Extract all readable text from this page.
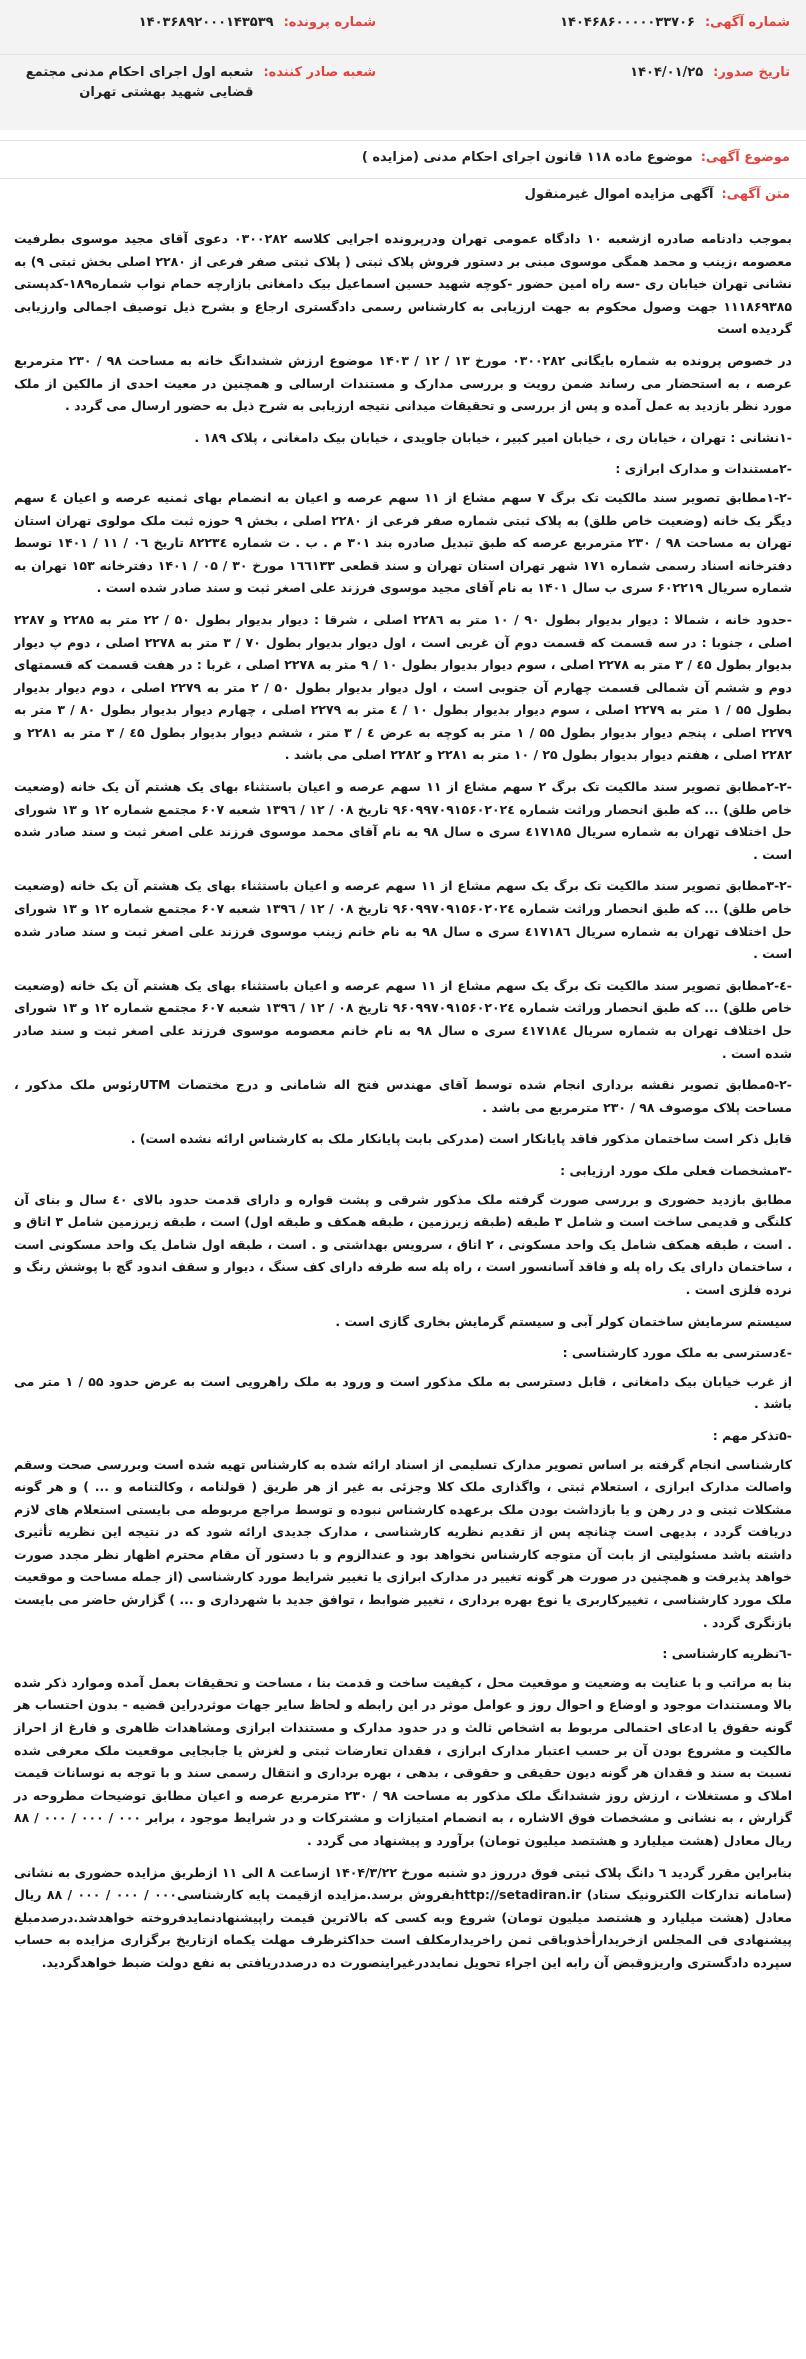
شماره آگهی:
۱۴۰۴۶۸۶۰۰۰۰۰۳۳۷۰۶
شماره پرونده:
۱۴۰۳۶۸۹۲۰۰۰۱۴۳۵۳۹
تاریخ صدور:
۱۴۰۴/۰۱/۲۵
شعبه صادر کننده:
شعبه اول اجرای احکام مدنی مجتمع قضایی شهید بهشتی تهران
موضوع آگهی:
موضوع ماده ۱۱۸ قانون اجرای احکام مدنی (مزایده )
متن آگهی:
آگهی مزایده اموال غیرمنقول

بموجب دادنامه صادره ازشعبه ۱۰ دادگاه عمومی تهران ودرپرونده اجرایی کلاسه ۰۳۰۰۲۸۲ دعوی آقای مجید موسوی بطرفیت معصومه ،زینب و محمد همگی موسوی مبنی بر دستور فروش پلاک ثبتی ( پلاک ثبتی صفر فرعی از ۲۲۸۰ اصلی بخش ثبتی ۹) به نشانی تهران خیابان ری -سه راه امین حضور -کوچه شهید حسین اسماعیل بیک دامغانی بازارچه حمام نواب شماره۱۸۹-کدپستی ۱۱۱۸۶۹۳۸۵ جهت وصول محکوم به جهت ارزیابی به کارشناس رسمی دادگستری ارجاع و بشرح ذیل توصیف اجمالی وارزیابی گردیده است

در خصوص پرونده به شماره بایگانی ۰۳۰۰۲۸۲ مورخ ۱۳ / ۱۲ / ۱۴۰۳ موضوع ارزش ششدانگ خانه به مساحت ۹۸ / ۲۳۰ مترمربع عرصه ، به استحضار می رساند ضمن رویت و بررسی مدارک و مستندات ارسالی و همچنین در معیت احدی از مالکین از ملک مورد نظر بازدید به عمل آمده و پس از بررسی و تحقیقات میدانی نتیجه ارزیابی به شرح ذیل به حضور ارسال می گردد .

-۱نشانی : تهران ، خیابان ری ، خیابان امیر کبیر ، خیابان جاویدی ، خیابان بیک دامغانی ، پلاک ۱۸۹ .

-۲مستندات و مدارک ابرازی :

-۱-۲مطابق تصویر سند مالکیت تک برگ ۷ سهم مشاع از ۱۱ سهم عرصه و اعیان به انضمام بهای ثمنیه عرصه و اعیان ٤ سهم دیگر یک خانه (وضعیت خاص طلق) به پلاک ثبتی شماره صفر فرعی از ۲۲۸۰ اصلی ، بخش ۹ حوزه ثبت ملک مولوی تهران استان تهران به مساحت ۹۸ / ۲۳۰ مترمربع عرصه که طبق تبدیل صادره بند ۳۰۱ م . ب . ت شماره ۸۲۲۳٤ تاریخ ۰٦ / ۱۱ / ۱۴۰۱ توسط دفترخانه اسناد رسمی شماره ۱۷۱ شهر تهران استان تهران و سند قطعی ۱٦٦۱۳۳ مورخ ۳۰ / ۰۵ / ۱۴۰۱ دفترخانه ۱۵۳ تهران به شماره سریال ۶۰۲۲۱۹ سری ب سال ۱۴۰۱ به نام آقای مجید موسوی فرزند علی اصغر ثبت و سند صادر شده است .

-حدود خانه ، شمالا : دیوار بدیوار بطول ۹۰ / ۱۰ متر به ۲۲۸٦ اصلی ، شرقا : دیوار بدیوار بطول ۵۰ / ۲۲ متر به ۲۲۸۵ و ۲۲۸۷ اصلی ، جنوبا : در سه قسمت که قسمت دوم آن غربی است ، اول دیوار بدیوار بطول ۷۰ / ۳ متر به ۲۲۷۸ اصلی ، دوم پ دیوار بدیوار بطول ٤۵ / ۳ متر به ۲۲۷۸ اصلی ، سوم دیوار بدیوار بطول ۱۰ / ۹ متر به ۲۲۷۸ اصلی ، غربا : در هفت قسمت که قسمتهای دوم و ششم آن شمالی قسمت چهارم آن جنوبی است ، اول دیوار بدیوار بطول ۵۰ / ۲ متر به ۲۲۷۹ اصلی ، دوم دیوار بدیوار بطول ۵۵ / ۱ متر به ۲۲۷۹ اصلی ، سوم دیوار بدیوار بطول ۱۰ / ٤ متر به ۲۲۷۹ اصلی ، چهارم دیوار بدیوار بطول ۸۰ / ۳ متر به ۲۲۷۹ اصلی ، پنجم دیوار بدیوار بطول ۵۵ / ۱ متر به کوچه به عرض ٤ / ۳ متر ، ششم دیوار بدیوار بطول ٤۵ / ۳ متر به ۲۲۸۱ و ۲۲۸۲ اصلی ، هفتم دیوار بدیوار بطول ۲۵ / ۱۰ متر به ۲۲۸۱ و ۲۲۸۲ اصلی می باشد .

-۲-۲مطابق تصویر سند مالکیت تک برگ ۲ سهم مشاع از ۱۱ سهم عرصه و اعیان باستثناء بهای یک هشتم آن یک خانه (وضعیت خاص طلق) ... که طبق انحصار وراثت شماره ۹۶۰۹۹۷۰۹۱۵۶۰۲۰۲٤ تاریخ ۰۸ / ۱۲ / ۱۳۹٦ شعبه ۶۰۷ مجتمع شماره ۱۲ و ۱۳ شورای حل اختلاف تهران به شماره سریال ٤۱۷۱۸۵ سری ه سال ۹۸ به نام آقای محمد موسوی فرزند علی اصغر ثبت و سند صادر شده است .

-۳-۲مطابق تصویر سند مالکیت تک برگ یک سهم مشاع از ۱۱ سهم عرصه و اعیان باستثناء بهای یک هشتم آن یک خانه (وضعیت خاص طلق) ... که طبق انحصار وراثت شماره ۹۶۰۹۹۷۰۹۱۵۶۰۲۰۲٤ تاریخ ۰۸ / ۱۲ / ۱۳۹٦ شعبه ۶۰۷ مجتمع شماره ۱۲ و ۱۳ شورای حل اختلاف تهران به شماره سریال ٤۱۷۱۸٦ سری ه سال ۹۸ به نام خانم زینب موسوی فرزند علی اصغر ثبت و سند صادر شده است .

-٤-۲مطابق تصویر سند مالکیت تک برگ یک سهم مشاع از ۱۱ سهم عرصه و اعیان باستثناء بهای یک هشتم آن یک خانه (وضعیت خاص طلق) ... که طبق انحصار وراثت شماره ۹۶۰۹۹۷۰۹۱۵۶۰۲۰۲٤ تاریخ ۰۸ / ۱۲ / ۱۳۹٦ شعبه ۶۰۷ مجتمع شماره ۱۲ و ۱۳ شورای حل اختلاف تهران به شماره سریال ٤۱۷۱۸٤ سری ه سال ۹۸ به نام خانم معصومه موسوی فرزند علی اصغر ثبت و سند صادر شده است .

-۵-۲مطابق تصویر نقشه برداری انجام شده توسط آقای مهندس فتح اله شامانی و درج مختصات UTMرئوس ملک مذکور ، مساحت پلاک موصوف ۹۸ / ۲۳۰ مترمربع می باشد .

قابل ذکر است ساختمان مذکور فاقد پایانکار است (مدرکی بابت پایانکار ملک به کارشناس ارائه نشده است) .

-۳مشخصات فعلی ملک مورد ارزیابی :

مطابق بازدید حضوری و بررسی صورت گرفته ملک مذکور شرقی و پشت قواره و دارای قدمت حدود بالای ٤۰ سال و بنای آن کلنگی و قدیمی ساخت است و شامل ۳ طبقه (طبقه زیرزمین ، طبقه همکف و طبقه اول) است ، طبقه زیرزمین شامل ۳ اتاق و . است ، طبقه همکف شامل یک واحد مسکونی ، ۲ اتاق ، سرویس بهداشتی و . است ، طبقه اول شامل یک واحد مسکونی است ، ساختمان دارای یک راه پله و فاقد آسانسور است ، راه پله سه طرفه دارای کف سنگ ، دیوار و سقف اندود گچ با پوشش رنگ و نرده فلزی است .

سیستم سرمایش ساختمان کولر آبی و سیستم گرمایش بخاری گازی است .

-٤دسترسی به ملک مورد کارشناسی :

از غرب خیابان بیک دامغانی ، قابل دسترسی به ملک مذکور است و ورود به ملک راهرویی است به عرض حدود ۵۵ / ۱ متر می باشد .

-۵تذکر مهم :

کارشناسی انجام گرفته بر اساس تصویر مدارک تسلیمی از اسناد ارائه شده به کارشناس تهیه شده است وبررسی صحت وسقم واصالت مدارک ابرازی ، استعلام ثبتی ، واگذاری ملک کلا وجزئی به غیر از هر طریق ( قولنامه ، وکالتنامه و ... ) و هر گونه مشکلات ثبتی و در رهن و یا بازداشت بودن ملک برعهده کارشناس نبوده و توسط مراجع مربوطه می بایستی استعلام های لازم دریافت گردد ، بدیهی است چنانچه پس از تقدیم نظریه کارشناسی ، مدارک جدیدی ارائه شود که در نتیجه این نظریه تأثیری داشته باشد مسئولیتی از بابت آن متوجه کارشناس نخواهد بود و عندالزوم و با دستور آن مقام محترم اظهار نظر مجدد صورت خواهد پذیرفت و همچنین در صورت هر گونه تغییر در مدارک ابرازی یا تغییر شرایط مورد کارشناسی (از جمله مساحت و موقعیت ملک مورد کارشناسی ، تغییرکاربری یا نوع بهره برداری ، تغییر ضوابط ، توافق جدید با شهرداری و ... ) گزارش حاضر می بایست بازنگری گردد .

-٦نظریه کارشناسی :

بنا به مراتب و با عنایت به وضعیت و موقعیت محل ، کیفیت ساخت و قدمت بنا ، مساحت و تحقیقات بعمل آمده وموارد ذکر شده بالا ومستندات موجود و اوضاع و احوال روز و عوامل موثر در این رابطه و لحاظ سایر جهات موثردراین قضیه - بدون احتساب هر گونه حقوق یا ادعای احتمالی مربوط به اشخاص ثالث و در حدود مدارک و مستندات ابرازی ومشاهدات ظاهری و فارغ از احراز مالکیت و مشروع بودن آن بر حسب اعتبار مدارک ابرازی ، فقدان تعارضات ثبتی و لغزش یا جابجایی موقعیت ملک معرفی شده نسبت به سند و فقدان هر گونه دیون حقیقی و حقوقی ، بدهی ، بهره برداری و انتقال رسمی سند و با توجه به نوسانات قیمت املاک و مستغلات ، ارزش روز ششدانگ ملک مذکور به مساحت ۹۸ / ۲۳۰ مترمربع عرصه و اعیان مطابق توضیحات مطروحه در گزارش ، به نشانی و مشخصات فوق الاشاره ، به انضمام امتیازات و مشترکات و در شرایط موجود ، برابر ۰۰۰ / ۰۰۰ / ۰۰۰ / ۸۸ ریال معادل (هشت میلیارد و هشتصد میلیون تومان) برآورد و پیشنهاد می گردد .

بنابراین مقرر گردید ٦ دانگ پلاک ثبتی فوق درروز دو شنبه مورخ ۱۴۰۴/۳/۲۲ ازساعت ۸ الی ۱۱ ازطریق مزایده حضوری به نشانی (سامانه تدارکات الکترونیک ستاد) http://setadiran.irبفروش برسد.مزایده ازقیمت پایه کارشناسی۰۰۰ / ۰۰۰ / ۰۰۰ / ۸۸ ریال معادل (هشت میلیارد و هشتصد میلیون تومان) شروع وبه کسی که بالاترین قیمت راپیشنهادنمایدفروخته خواهدشد.درصدمبلغ پیشنهادی فی المجلس ازخریدارأخذوباقی ثمن راخریدارمکلف است حداکثرظرف مهلت یکماه ازتاریخ برگزاری مزایده به حساب سپرده دادگستری واریزوقبض آن رابه این اجراء تحویل نمایددرغیراینصورت ده درصددریافتی به نفع دولت ضبط خواهدگردید.
